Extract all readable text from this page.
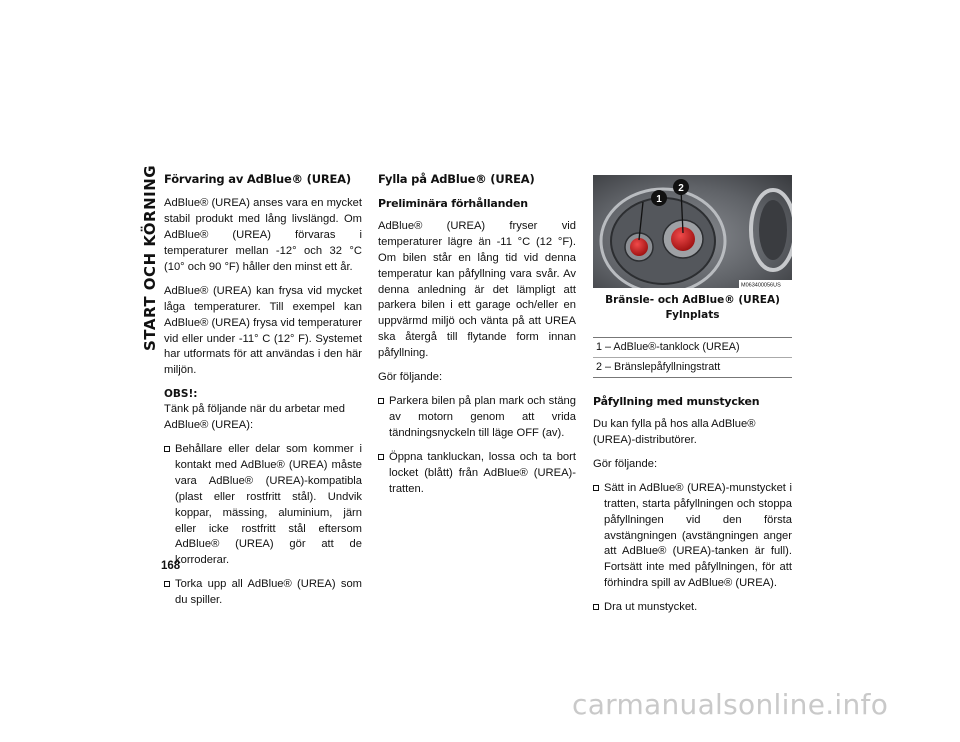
START OCH KÖRNING Förvaring av AdBlue® (UREA)

AdBlue® (UREA) anses vara en mycket stabil produkt med lång livslängd. Om AdBlue® (UREA) förvaras i temperaturer mellan -12° och 32 °C (10° och 90 °F) håller den minst ett år.

AdBlue® (UREA) kan frysa vid mycket låga temperaturer. Till exempel kan AdBlue® (UREA) frysa vid temperaturer vid eller under -11° C (12° F). Systemet har utformats för att användas i den här miljön.

OBS!:
Tänk på följande när du arbetar med AdBlue® (UREA):

Behållare eller delar som kommer i kontakt med AdBlue® (UREA) måste vara AdBlue® (UREA)-kompatibla (plast eller rostfritt stål). Undvik koppar, mässing, aluminium, järn eller icke rostfritt stål eftersom AdBlue® (UREA) gör att de korroderar.
Torka upp all AdBlue® (UREA) som du spiller.
Fylla på AdBlue® (UREA)
Preliminära förhållanden

AdBlue® (UREA) fryser vid temperaturer lägre än -11 °C (12 °F). Om bilen står en lång tid vid denna temperatur kan påfyllning vara svår. Av denna anledning är det lämpligt att parkera bilen i ett garage och/eller en uppvärmd miljö och vänta på att UREA ska återgå till flytande form innan påfyllning.

Gör följande:

Parkera bilen på plan mark och stäng av motorn genom att vrida tändningsnyckeln till läge OFF (av).
Öppna tankluckan, lossa och ta bort locket (blått) från AdBlue® (UREA)-tratten.
1
2
M063400056US
Bränsle- och AdBlue® (UREA) Fylnplats
1 – AdBlue®-tanklock (UREA)
2 – Bränslepåfyllningstratt
Påfyllning med munstycken

Du kan fylla på hos alla AdBlue® (UREA)-distributörer.

Gör följande:

Sätt in AdBlue® (UREA)-munstycket i tratten, starta påfyllningen och stoppa påfyllningen vid den första avstängningen (avstängningen anger att AdBlue® (UREA)-tanken är full). Fortsätt inte med påfyllningen, för att förhindra spill av AdBlue® (UREA).
Dra ut munstycket.
168
carmanualsonline.info
